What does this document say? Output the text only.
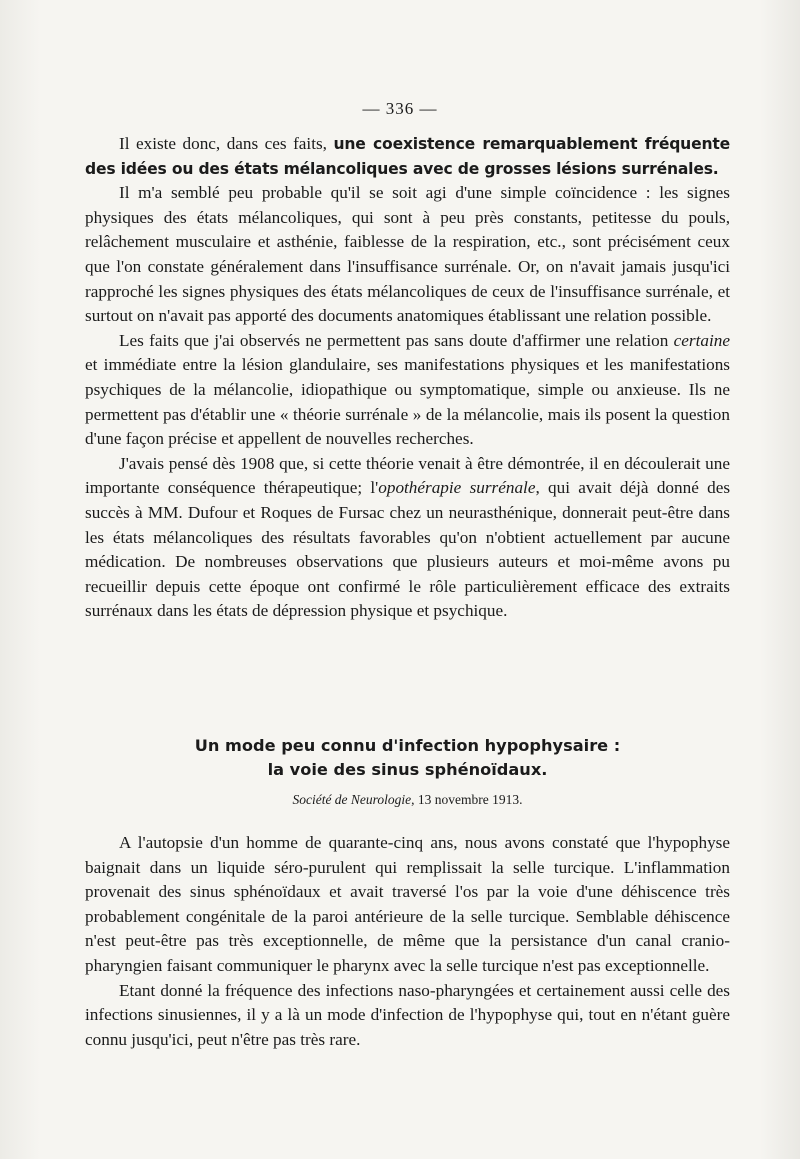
— 336 —

Il existe donc, dans ces faits, une coexistence remarquablement fréquente des idées ou des états mélancoliques avec de grosses lésions surrénales.

Il m'a semblé peu probable qu'il se soit agi d'une simple coïncidence : les signes physiques des états mélancoliques, qui sont à peu près constants, petitesse du pouls, relâchement musculaire et asthénie, faiblesse de la respiration, etc., sont précisément ceux que l'on constate généralement dans l'insuffisance surrénale. Or, on n'avait jamais jusqu'ici rapproché les signes physiques des états mélancoliques de ceux de l'insuffisance surrénale, et surtout on n'avait pas apporté des documents anatomiques établissant une relation possible.

Les faits que j'ai observés ne permettent pas sans doute d'affirmer une relation certaine et immédiate entre la lésion glandulaire, ses manifestations physiques et les manifestations psychiques de la mélancolie, idiopathique ou symptomatique, simple ou anxieuse. Ils ne permettent pas d'établir une « théorie surrénale » de la mélancolie, mais ils posent la question d'une façon précise et appellent de nouvelles recherches.

J'avais pensé dès 1908 que, si cette théorie venait à être démontrée, il en découlerait une importante conséquence thérapeutique; l'opothérapie surrénale, qui avait déjà donné des succès à MM. Dufour et Roques de Fursac chez un neurasthénique, donnerait peut-être dans les états mélancoliques des résultats favorables qu'on n'obtient actuellement par aucune médication. De nombreuses observations que plusieurs auteurs et moi-même avons pu recueillir depuis cette époque ont confirmé le rôle particulièrement efficace des extraits surrénaux dans les états de dépression physique et psychique.

Un mode peu connu d'infection hypophysaire :
la voie des sinus sphénoïdaux.
Société de Neurologie, 13 novembre 1913.

A l'autopsie d'un homme de quarante-cinq ans, nous avons constaté que l'hypophyse baignait dans un liquide séro-purulent qui remplissait la selle turcique. L'inflammation provenait des sinus sphénoïdaux et avait traversé l'os par la voie d'une déhiscence très probablement congénitale de la paroi antérieure de la selle turcique. Semblable déhiscence n'est peut-être pas très exceptionnelle, de même que la persistance d'un canal cranio-pharyngien faisant communiquer le pharynx avec la selle turcique n'est pas exceptionnelle.

Etant donné la fréquence des infections naso-pharyngées et certainement aussi celle des infections sinusiennes, il y a là un mode d'infection de l'hypophyse qui, tout en n'étant guère connu jusqu'ici, peut n'être pas très rare.
